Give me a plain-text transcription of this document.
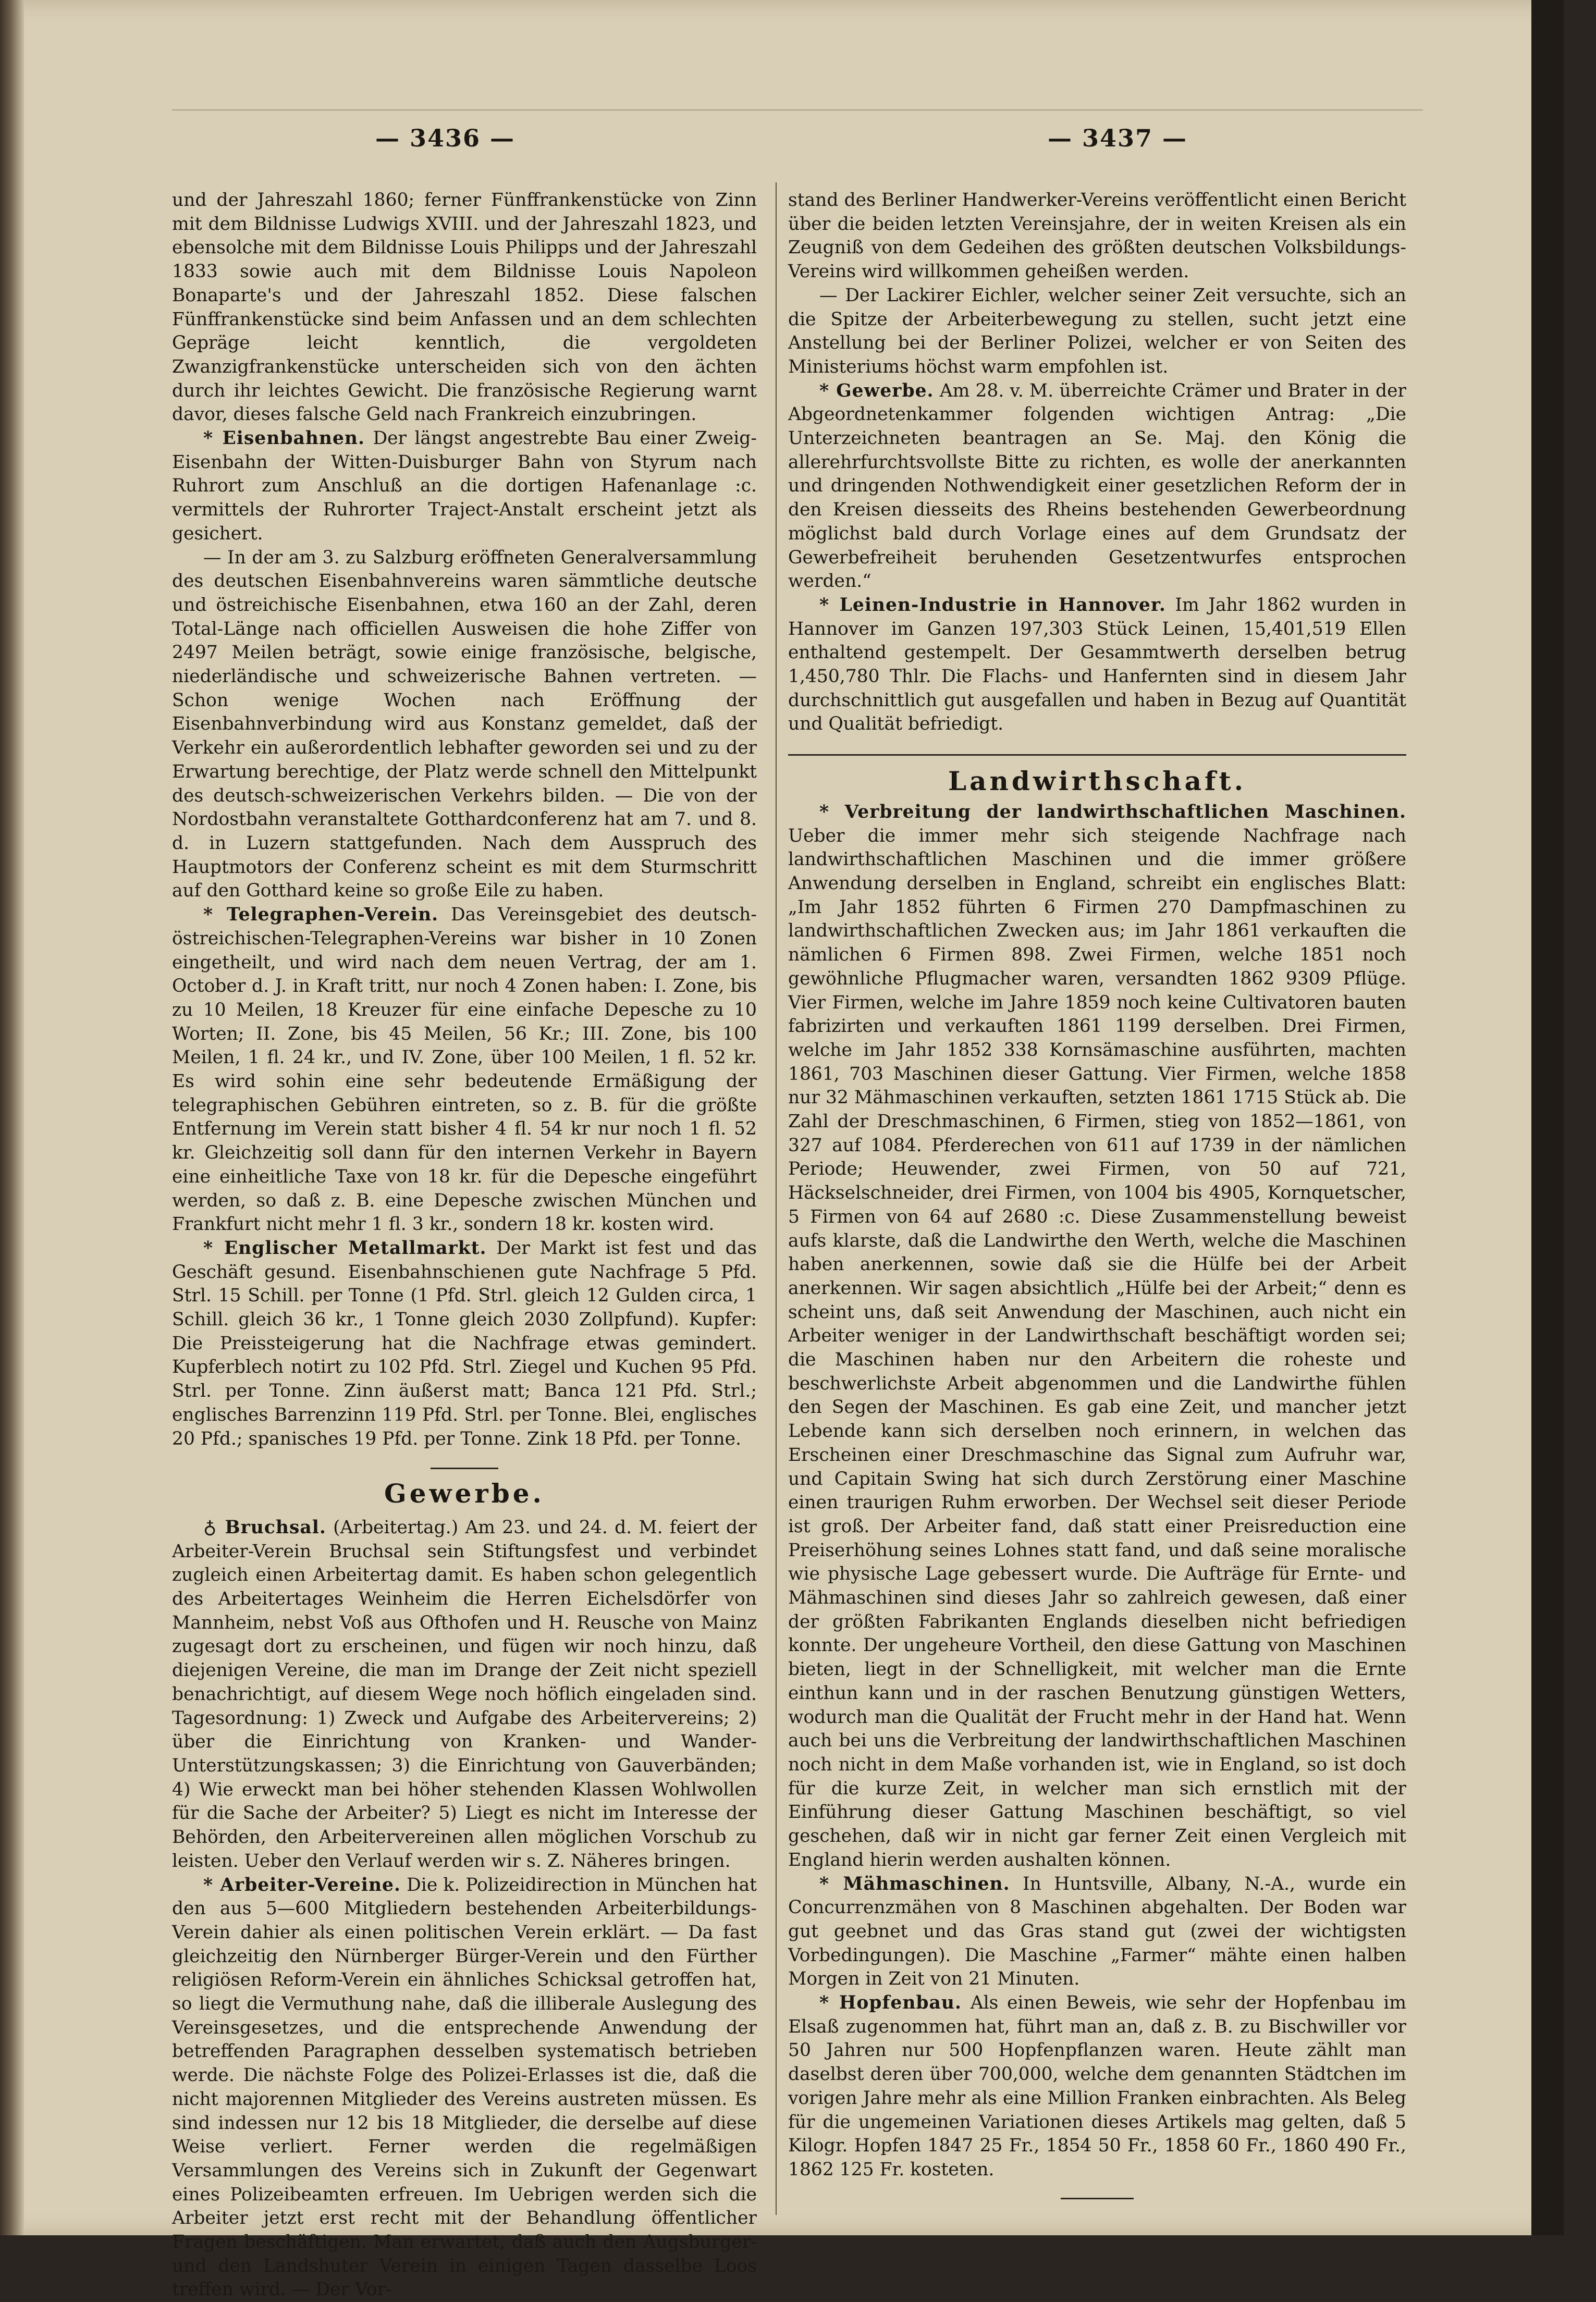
— 3436 —	— 3437 —

und der Jahreszahl 1860; ferner Fünffrankenstücke von Zinn mit dem Bildnisse Ludwigs XVIII. und der Jahreszahl 1823, und ebensolche mit dem Bildnisse Louis Philipps und der Jahreszahl 1833 sowie auch mit dem Bildnisse Louis Napoleon Bonaparte's und der Jahreszahl 1852. Diese falschen Fünffrankenstücke sind beim Anfassen und an dem schlechten Gepräge leicht kenntlich, die vergoldeten Zwanzigfrankenstücke unterscheiden sich von den ächten durch ihr leichtes Gewicht. Die französische Regierung warnt davor, dieses falsche Geld nach Frankreich einzubringen.

* Eisenbahnen. Der längst angestrebte Bau einer Zweig-Eisenbahn der Witten-Duisburger Bahn von Styrum nach Ruhrort zum Anschluß an die dortigen Hafenanlage :c. vermittels der Ruhrorter Traject-Anstalt erscheint jetzt als gesichert.

— In der am 3. zu Salzburg eröffneten Generalversammlung des deutschen Eisenbahnvereins waren sämmtliche deutsche und östreichische Eisenbahnen, etwa 160 an der Zahl, deren Total-Länge nach officiellen Ausweisen die hohe Ziffer von 2497 Meilen beträgt, sowie einige französische, belgische, niederländische und schweizerische Bahnen vertreten. — Schon wenige Wochen nach Eröffnung der Eisenbahnverbindung wird aus Konstanz gemeldet, daß der Verkehr ein außerordentlich lebhafter geworden sei und zu der Erwartung berechtige, der Platz werde schnell den Mittelpunkt des deutsch-schweizerischen Verkehrs bilden. — Die von der Nordostbahn veranstaltete Gotthardconferenz hat am 7. und 8. d. in Luzern stattgefunden. Nach dem Ausspruch des Hauptmotors der Conferenz scheint es mit dem Sturmschritt auf den Gotthard keine so große Eile zu haben.

* Telegraphen-Verein. Das Vereinsgebiet des deutsch-östreichischen-Telegraphen-Vereins war bisher in 10 Zonen eingetheilt, und wird nach dem neuen Vertrag, der am 1. October d. J. in Kraft tritt, nur noch 4 Zonen haben: I. Zone, bis zu 10 Meilen, 18 Kreuzer für eine einfache Depesche zu 10 Worten; II. Zone, bis 45 Meilen, 56 Kr.; III. Zone, bis 100 Meilen, 1 fl. 24 kr., und IV. Zone, über 100 Meilen, 1 fl. 52 kr. Es wird sohin eine sehr bedeutende Ermäßigung der telegraphischen Gebühren eintreten, so z. B. für die größte Entfernung im Verein statt bisher 4 fl. 54 kr nur noch 1 fl. 52 kr. Gleichzeitig soll dann für den internen Verkehr in Bayern eine einheitliche Taxe von 18 kr. für die Depesche eingeführt werden, so daß z. B. eine Depesche zwischen München und Frankfurt nicht mehr 1 fl. 3 kr., sondern 18 kr. kosten wird.

* Englischer Metallmarkt. Der Markt ist fest und das Geschäft gesund. Eisenbahnschienen gute Nachfrage 5 Pfd. Strl. 15 Schill. per Tonne (1 Pfd. Strl. gleich 12 Gulden circa, 1 Schill. gleich 36 kr., 1 Tonne gleich 2030 Zollpfund). Kupfer: Die Preissteigerung hat die Nachfrage etwas gemindert. Kupferblech notirt zu 102 Pfd. Strl. Ziegel und Kuchen 95 Pfd. Strl. per Tonne. Zinn äußerst matt; Banca 121 Pfd. Strl.; englisches Barrenzinn 119 Pfd. Strl. per Tonne. Blei, englisches 20 Pfd.; spanisches 19 Pfd. per Tonne. Zink 18 Pfd. per Tonne.

Gewerbe.

♁ Bruchsal. (Arbeitertag.) Am 23. und 24. d. M. feiert der Arbeiter-Verein Bruchsal sein Stiftungsfest und verbindet zugleich einen Arbeitertag damit. Es haben schon gelegentlich des Arbeitertages Weinheim die Herren Eichelsdörfer von Mannheim, nebst Voß aus Ofthofen und H. Reusche von Mainz zugesagt dort zu erscheinen, und fügen wir noch hinzu, daß diejenigen Vereine, die man im Drange der Zeit nicht speziell benachrichtigt, auf diesem Wege noch höflich eingeladen sind. Tagesordnung: 1) Zweck und Aufgabe des Arbeitervereins; 2) über die Einrichtung von Kranken- und Wander-Unterstützungskassen; 3) die Einrichtung von Gauverbänden; 4) Wie erweckt man bei höher stehenden Klassen Wohlwollen für die Sache der Arbeiter? 5) Liegt es nicht im Interesse der Behörden, den Arbeitervereinen allen möglichen Vorschub zu leisten. Ueber den Verlauf werden wir s. Z. Näheres bringen.

* Arbeiter-Vereine. Die k. Polizeidirection in München hat den aus 5—600 Mitgliedern bestehenden Arbeiterbildungs-Verein dahier als einen politischen Verein erklärt. — Da fast gleichzeitig den Nürnberger Bürger-Verein und den Fürther religiösen Reform-Verein ein ähnliches Schicksal getroffen hat, so liegt die Vermuthung nahe, daß die illiberale Auslegung des Vereinsgesetzes, und die entsprechende Anwendung der betreffenden Paragraphen desselben systematisch betrieben werde. Die nächste Folge des Polizei-Erlasses ist die, daß die nicht majorennen Mitglieder des Vereins austreten müssen. Es sind indessen nur 12 bis 18 Mitglieder, die derselbe auf diese Weise verliert. Ferner werden die regelmäßigen Versammlungen des Vereins sich in Zukunft der Gegenwart eines Polizeibeamten erfreuen. Im Uebrigen werden sich die Arbeiter jetzt erst recht mit der Behandlung öffentlicher Fragen beschäftigen. Man erwartet, daß auch den Augsburger- und den Landshuter Verein in einigen Tagen dasselbe Loos treffen wird. — Der Vor-

stand des Berliner Handwerker-Vereins veröffentlicht einen Bericht über die beiden letzten Vereinsjahre, der in weiten Kreisen als ein Zeugniß von dem Gedeihen des größten deutschen Volksbildungs-Vereins wird willkommen geheißen werden.

— Der Lackirer Eichler, welcher seiner Zeit versuchte, sich an die Spitze der Arbeiterbewegung zu stellen, sucht jetzt eine Anstellung bei der Berliner Polizei, welcher er von Seiten des Ministeriums höchst warm empfohlen ist.

* Gewerbe. Am 28. v. M. überreichte Crämer und Brater in der Abgeordnetenkammer folgenden wichtigen Antrag: „Die Unterzeichneten beantragen an Se. Maj. den König die allerehrfurchtsvollste Bitte zu richten, es wolle der anerkannten und dringenden Nothwendigkeit einer gesetzlichen Reform der in den Kreisen diesseits des Rheins bestehenden Gewerbeordnung möglichst bald durch Vorlage eines auf dem Grundsatz der Gewerbefreiheit beruhenden Gesetzentwurfes entsprochen werden.“

* Leinen-Industrie in Hannover. Im Jahr 1862 wurden in Hannover im Ganzen 197,303 Stück Leinen, 15,401,519 Ellen enthaltend gestempelt. Der Gesammtwerth derselben betrug 1,450,780 Thlr. Die Flachs- und Hanfernten sind in diesem Jahr durchschnittlich gut ausgefallen und haben in Bezug auf Quantität und Qualität befriedigt.

Landwirthschaft.

* Verbreitung der landwirthschaftlichen Maschinen. Ueber die immer mehr sich steigende Nachfrage nach landwirthschaftlichen Maschinen und die immer größere Anwendung derselben in England, schreibt ein englisches Blatt: „Im Jahr 1852 führten 6 Firmen 270 Dampfmaschinen zu landwirthschaftlichen Zwecken aus; im Jahr 1861 verkauften die nämlichen 6 Firmen 898. Zwei Firmen, welche 1851 noch gewöhnliche Pflugmacher waren, versandten 1862 9309 Pflüge. Vier Firmen, welche im Jahre 1859 noch keine Cultivatoren bauten fabrizirten und verkauften 1861 1199 derselben. Drei Firmen, welche im Jahr 1852 338 Kornsämaschine ausführten, machten 1861, 703 Maschinen dieser Gattung. Vier Firmen, welche 1858 nur 32 Mähmaschinen verkauften, setzten 1861 1715 Stück ab. Die Zahl der Dreschmaschinen, 6 Firmen, stieg von 1852—1861, von 327 auf 1084. Pferderechen von 611 auf 1739 in der nämlichen Periode; Heuwender, zwei Firmen, von 50 auf 721, Häckselschneider, drei Firmen, von 1004 bis 4905, Kornquetscher, 5 Firmen von 64 auf 2680 :c. Diese Zusammenstellung beweist aufs klarste, daß die Landwirthe den Werth, welche die Maschinen haben anerkennen, sowie daß sie die Hülfe bei der Arbeit anerkennen. Wir sagen absichtlich „Hülfe bei der Arbeit;“ denn es scheint uns, daß seit Anwendung der Maschinen, auch nicht ein Arbeiter weniger in der Landwirthschaft beschäftigt worden sei; die Maschinen haben nur den Arbeitern die roheste und beschwerlichste Arbeit abgenommen und die Landwirthe fühlen den Segen der Maschinen. Es gab eine Zeit, und mancher jetzt Lebende kann sich derselben noch erinnern, in welchen das Erscheinen einer Dreschmaschine das Signal zum Aufruhr war, und Capitain Swing hat sich durch Zerstörung einer Maschine einen traurigen Ruhm erworben. Der Wechsel seit dieser Periode ist groß. Der Arbeiter fand, daß statt einer Preisreduction eine Preiserhöhung seines Lohnes statt fand, und daß seine moralische wie physische Lage gebessert wurde. Die Aufträge für Ernte- und Mähmaschinen sind dieses Jahr so zahlreich gewesen, daß einer der größten Fabrikanten Englands dieselben nicht befriedigen konnte. Der ungeheure Vortheil, den diese Gattung von Maschinen bieten, liegt in der Schnelligkeit, mit welcher man die Ernte einthun kann und in der raschen Benutzung günstigen Wetters, wodurch man die Qualität der Frucht mehr in der Hand hat. Wenn auch bei uns die Verbreitung der landwirthschaftlichen Maschinen noch nicht in dem Maße vorhanden ist, wie in England, so ist doch für die kurze Zeit, in welcher man sich ernstlich mit der Einführung dieser Gattung Maschinen beschäftigt, so viel geschehen, daß wir in nicht gar ferner Zeit einen Vergleich mit England hierin werden aushalten können.

* Mähmaschinen. In Huntsville, Albany, N.-A., wurde ein Concurrenzmähen von 8 Maschinen abgehalten. Der Boden war gut geebnet und das Gras stand gut (zwei der wichtigsten Vorbedingungen). Die Maschine „Farmer“ mähte einen halben Morgen in Zeit von 21 Minuten.

* Hopfenbau. Als einen Beweis, wie sehr der Hopfenbau im Elsaß zugenommen hat, führt man an, daß z. B. zu Bischwiller vor 50 Jahren nur 500 Hopfenpflanzen waren. Heute zählt man daselbst deren über 700,000, welche dem genannten Städtchen im vorigen Jahre mehr als eine Million Franken einbrachten. Als Beleg für die ungemeinen Variationen dieses Artikels mag gelten, daß 5 Kilogr. Hopfen 1847 25 Fr., 1854 50 Fr., 1858 60 Fr., 1860 490 Fr., 1862 125 Fr. kosteten.
